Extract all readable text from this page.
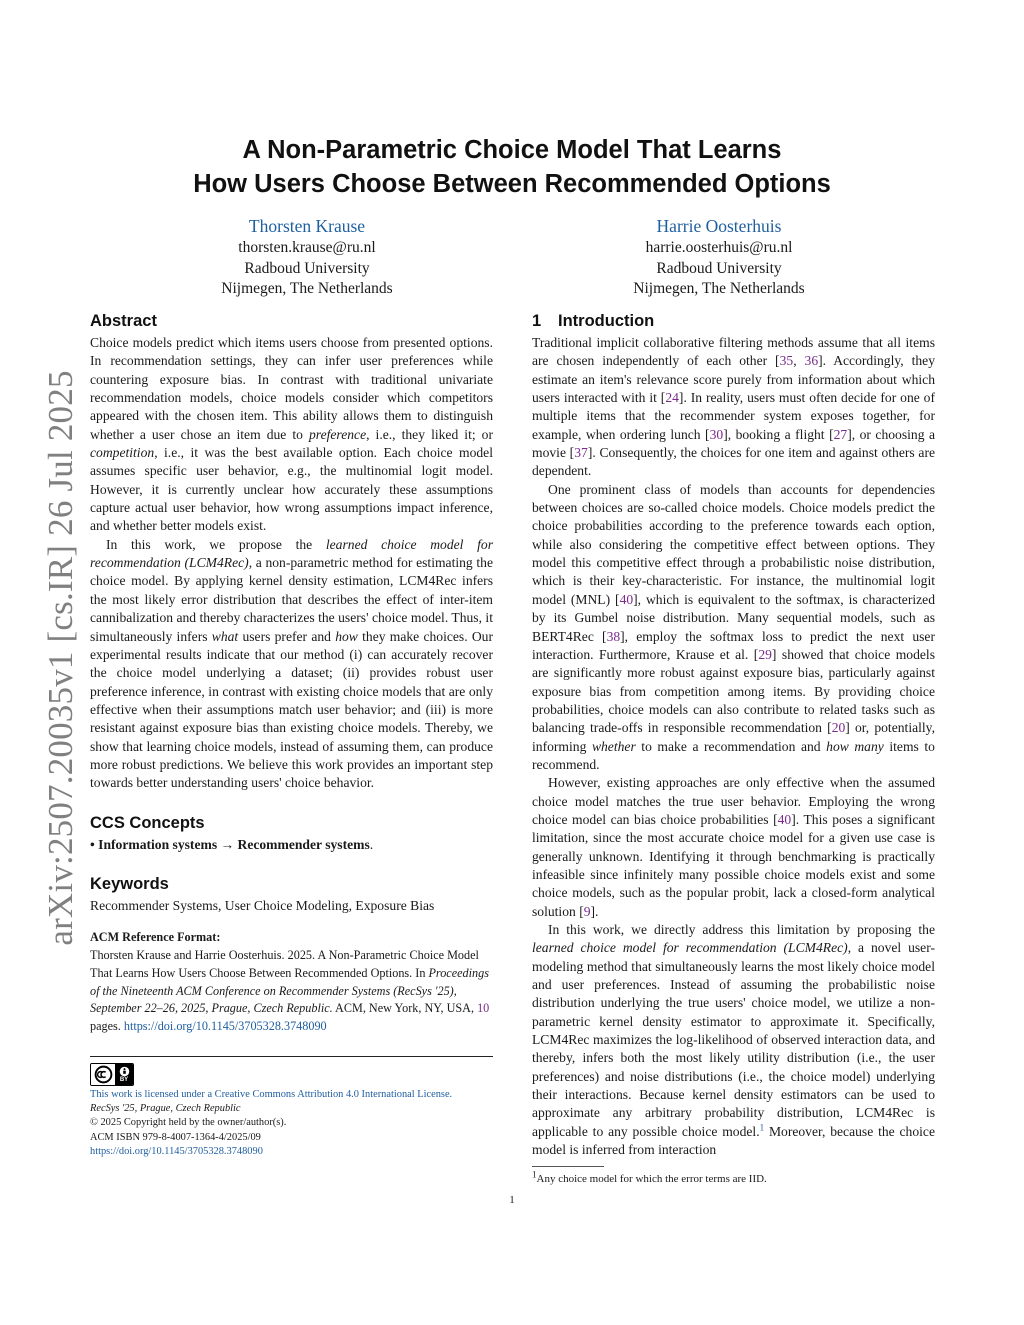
arXiv:2507.20035v1 [cs.IR] 26 Jul 2025
A Non-Parametric Choice Model That Learns
How Users Choose Between Recommended Options
Thorsten Krause
thorsten.krause@ru.nl
Radboud University
Nijmegen, The Netherlands
Harrie Oosterhuis
harrie.oosterhuis@ru.nl
Radboud University
Nijmegen, The Netherlands
Abstract

Choice models predict which items users choose from presented options. In recommendation settings, they can infer user preferences while countering exposure bias. In contrast with traditional univariate recommendation models, choice models consider which competitors appeared with the chosen item. This ability allows them to distinguish whether a user chose an item due to preference, i.e., they liked it; or competition, i.e., it was the best available option. Each choice model assumes specific user behavior, e.g., the multinomial logit model. However, it is currently unclear how accurately these assumptions capture actual user behavior, how wrong assumptions impact inference, and whether better models exist.

In this work, we propose the learned choice model for recommendation (LCM4Rec), a non-parametric method for estimating the choice model. By applying kernel density estimation, LCM4Rec infers the most likely error distribution that describes the effect of inter-item cannibalization and thereby characterizes the users' choice model. Thus, it simultaneously infers what users prefer and how they make choices. Our experimental results indicate that our method (i) can accurately recover the choice model underlying a dataset; (ii) provides robust user preference inference, in contrast with existing choice models that are only effective when their assumptions match user behavior; and (iii) is more resistant against exposure bias than existing choice models. Thereby, we show that learning choice models, instead of assuming them, can produce more robust predictions. We believe this work provides an important step towards better understanding users' choice behavior.

CCS Concepts
• Information systems → Recommender systems.
Keywords
Recommender Systems, User Choice Modeling, Exposure Bias
ACM Reference Format:
Thorsten Krause and Harrie Oosterhuis. 2025. A Non-Parametric Choice Model That Learns How Users Choose Between Recommended Options. In Proceedings of the Nineteenth ACM Conference on Recommender Systems (RecSys '25), September 22–26, 2025, Prague, Czech Republic. ACM, New York, NY, USA, 10 pages. https://doi.org/10.1145/3705328.3748090
BY
This work is licensed under a Creative Commons Attribution 4.0 International License.
RecSys '25, Prague, Czech Republic
© 2025 Copyright held by the owner/author(s).
ACM ISBN 979-8-4007-1364-4/2025/09
https://doi.org/10.1145/3705328.3748090
1 Introduction

Traditional implicit collaborative filtering methods assume that all items are chosen independently of each other [35, 36]. Accordingly, they estimate an item's relevance score purely from information about which users interacted with it [24]. In reality, users must often decide for one of multiple items that the recommender system exposes together, for example, when ordering lunch [30], booking a flight [27], or choosing a movie [37]. Consequently, the choices for one item and against others are dependent.

One prominent class of models than accounts for dependencies between choices are so-called choice models. Choice models predict the choice probabilities according to the preference towards each option, while also considering the competitive effect between options. They model this competitive effect through a probabilistic noise distribution, which is their key-characteristic. For instance, the multinomial logit model (MNL) [40], which is equivalent to the softmax, is characterized by its Gumbel noise distribution. Many sequential models, such as BERT4Rec [38], employ the softmax loss to predict the next user interaction. Furthermore, Krause et al. [29] showed that choice models are significantly more robust against exposure bias, particularly against exposure bias from competition among items. By providing choice probabilities, choice models can also contribute to related tasks such as balancing trade-offs in responsible recommendation [20] or, potentially, informing whether to make a recommendation and how many items to recommend.

However, existing approaches are only effective when the assumed choice model matches the true user behavior. Employing the wrong choice model can bias choice probabilities [40]. This poses a significant limitation, since the most accurate choice model for a given use case is generally unknown. Identifying it through benchmarking is practically infeasible since infinitely many possible choice models exist and some choice models, such as the popular probit, lack a closed-form analytical solution [9].

In this work, we directly address this limitation by proposing the learned choice model for recommendation (LCM4Rec), a novel user-modeling method that simultaneously learns the most likely choice model and user preferences. Instead of assuming the probabilistic noise distribution underlying the true users' choice model, we utilize a non-parametric kernel density estimator to approximate it. Specifically, LCM4Rec maximizes the log-likelihood of observed interaction data, and thereby, infers both the most likely utility distribution (i.e., the user preferences) and noise distributions (i.e., the choice model) underlying their interactions. Because kernel density estimators can be used to approximate any arbitrary probability distribution, LCM4Rec is applicable to any possible choice model.$^1$ Moreover, because the choice model is inferred from interaction

$^1$Any choice model for which the error terms are IID.
1
